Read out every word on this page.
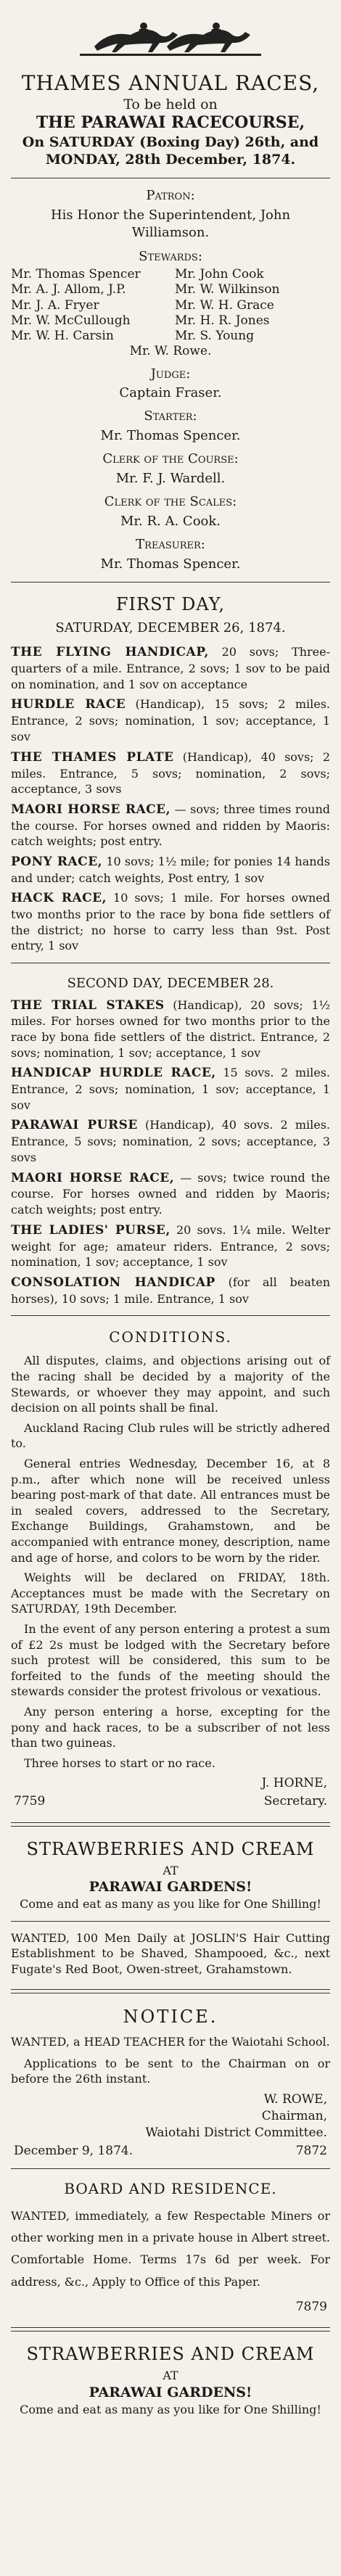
THAMES ANNUAL RACES,
To be held on
THE PARAWAI RACECOURSE,
On SATURDAY (Boxing Day) 26th, and MONDAY, 28th December, 1874.
Patron:
His Honor the Superintendent, John Williamson.
Stewards:
Mr. Thomas Spencer	Mr. John Cook
Mr. A. J. Allom, J.P.	Mr. W. Wilkinson
Mr. J. A. Fryer	Mr. W. H. Grace
Mr. W. McCullough	Mr. H. R. Jones
Mr. W. H. Carsin	Mr. S. Young
Mr. W. Rowe.
Judge:
Captain Fraser.
Starter:
Mr. Thomas Spencer.
Clerk of the Course:
Mr. F. J. Wardell.
Clerk of the Scales:
Mr. R. A. Cook.
Treasurer:
Mr. Thomas Spencer.
FIRST DAY,
SATURDAY, DECEMBER 26, 1874.

THE FLYING HANDICAP, 20 sovs; Three-quarters of a mile. Entrance, 2 sovs; 1 sov to be paid on nomination, and 1 sov on acceptance

HURDLE RACE (Handicap), 15 sovs; 2 miles. Entrance, 2 sovs; nomination, 1 sov; acceptance, 1 sov

THE THAMES PLATE (Handicap), 40 sovs; 2 miles. Entrance, 5 sovs; nomination, 2 sovs; acceptance, 3 sovs

MAORI HORSE RACE, — sovs; three times round the course. For horses owned and ridden by Maoris: catch weights; post entry.

PONY RACE, 10 sovs; 1½ mile; for ponies 14 hands and under; catch weights, Post entry, 1 sov

HACK RACE, 10 sovs; 1 mile. For horses owned two months prior to the race by bona fide settlers of the district; no horse to carry less than 9st. Post entry, 1 sov

SECOND DAY, DECEMBER 28.

THE TRIAL STAKES (Handicap), 20 sovs; 1½ miles. For horses owned for two months prior to the race by bona fide settlers of the district. Entrance, 2 sovs; nomination, 1 sov; acceptance, 1 sov

HANDICAP HURDLE RACE, 15 sovs. 2 miles. Entrance, 2 sovs; nomination, 1 sov; acceptance, 1 sov

PARAWAI PURSE (Handicap), 40 sovs. 2 miles. Entrance, 5 sovs; nomination, 2 sovs; acceptance, 3 sovs

MAORI HORSE RACE, — sovs; twice round the course. For horses owned and ridden by Maoris; catch weights; post entry.

THE LADIES' PURSE, 20 sovs. 1¼ mile. Welter weight for age; amateur riders. Entrance, 2 sovs; nomination, 1 sov; acceptance, 1 sov

CONSOLATION HANDICAP (for all beaten horses), 10 sovs; 1 mile. Entrance, 1 sov

CONDITIONS.

All disputes, claims, and objections arising out of the racing shall be decided by a majority of the Stewards, or whoever they may appoint, and such decision on all points shall be final.

Auckland Racing Club rules will be strictly adhered to.

General entries Wednesday, December 16, at 8 p.m., after which none will be received unless bearing post-mark of that date. All entrances must be in sealed covers, addressed to the Secretary, Exchange Buildings, Grahamstown, and be accompanied with entrance money, description, name and age of horse, and colors to be worn by the rider.

Weights will be declared on FRIDAY, 18th. Acceptances must be made with the Secretary on SATURDAY, 19th December.

In the event of any person entering a protest a sum of £2 2s must be lodged with the Secretary before such protest will be considered, this sum to be forfeited to the funds of the meeting should the stewards consider the protest frivolous or vexatious.

Any person entering a horse, excepting for the pony and hack races, to be a subscriber of not less than two guineas.

Three horses to start or no race.

J. HORNE,
7759	Secretary.
STRAWBERRIES AND CREAM
AT
PARAWAI GARDENS!
Come and eat as many as you like for One Shilling!

WANTED, 100 Men Daily at JOSLIN'S Hair Cutting Establishment to be Shaved, Shampooed, &c., next Fugate's Red Boot, Owen-street, Grahamstown.

NOTICE.

WANTED, a HEAD TEACHER for the Waiotahi School.

Applications to be sent to the Chairman on or before the 26th instant.

W. ROWE,
Chairman,
Waiotahi District Committee.
December 9, 1874.	7872
BOARD AND RESIDENCE.

WANTED, immediately, a few Respectable Miners or other working men in a private house in Albert street. Comfortable Home. Terms 17s 6d per week. For address, &c., Apply to Office of this Paper.

7879
STRAWBERRIES AND CREAM
AT
PARAWAI GARDENS!
Come and eat as many as you like for One Shilling!
